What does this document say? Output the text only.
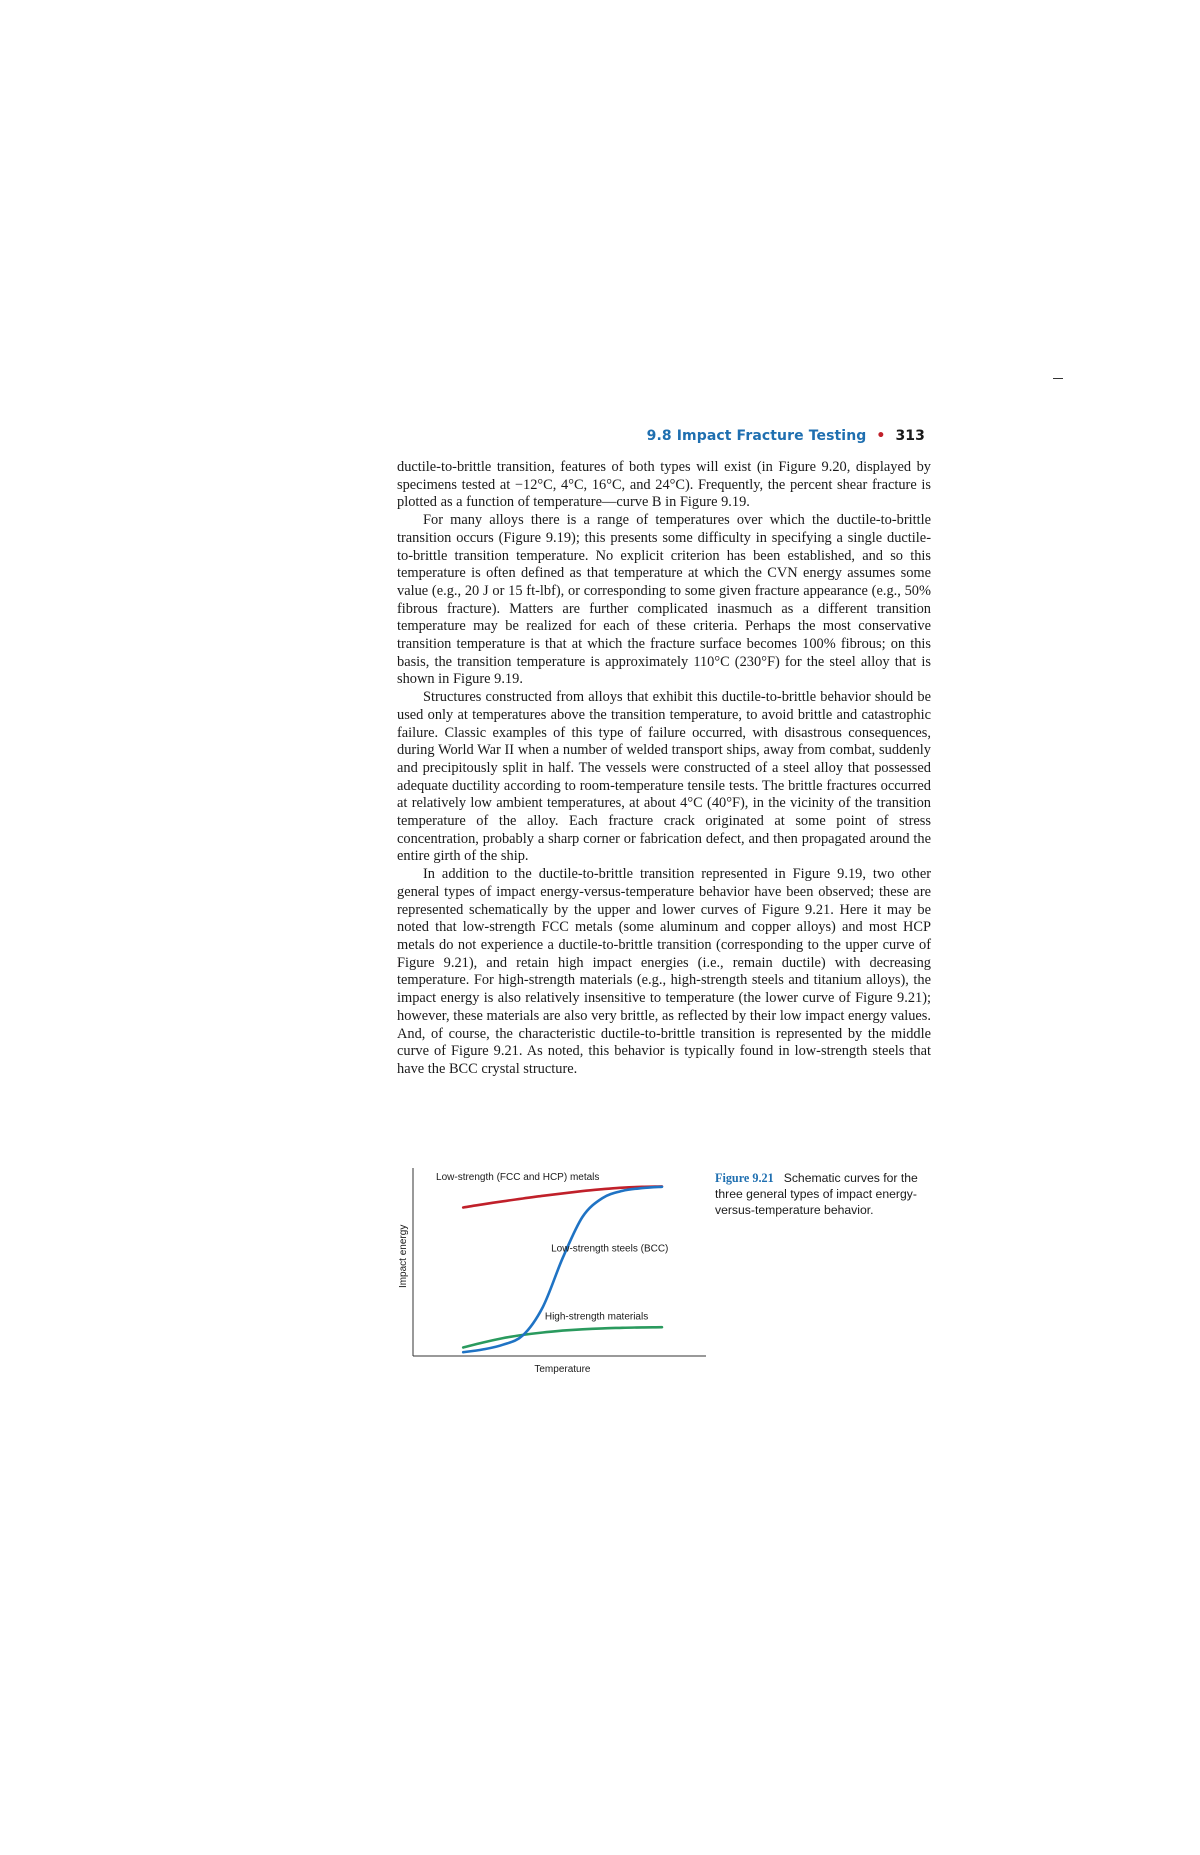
9.8 Impact Fracture Testing • 313

ductile-to-brittle transition, features of both types will exist (in Figure 9.20, displayed by specimens tested at −12°C, 4°C, 16°C, and 24°C). Frequently, the percent shear fracture is plotted as a function of temperature—curve B in Figure 9.19.

For many alloys there is a range of temperatures over which the ductile-to-brittle transition occurs (Figure 9.19); this presents some difficulty in specifying a single ductile-to-brittle transition temperature. No explicit criterion has been established, and so this temperature is often defined as that temperature at which the CVN energy assumes some value (e.g., 20 J or 15 ft-lbf), or corresponding to some given fracture appearance (e.g., 50% fibrous fracture). Matters are further complicated inasmuch as a different transition temperature may be realized for each of these criteria. Perhaps the most conservative transition temperature is that at which the fracture surface becomes 100% fibrous; on this basis, the transition temperature is approximately 110°C (230°F) for the steel alloy that is shown in Figure 9.19.

Structures constructed from alloys that exhibit this ductile-to-brittle behavior should be used only at temperatures above the transition temperature, to avoid brittle and catastrophic failure. Classic examples of this type of failure occurred, with disastrous consequences, during World War II when a number of welded transport ships, away from combat, suddenly and precipitously split in half. The vessels were constructed of a steel alloy that possessed adequate ductility according to room-temperature tensile tests. The brittle fractures occurred at relatively low ambient temperatures, at about 4°C (40°F), in the vicinity of the transition temperature of the alloy. Each fracture crack originated at some point of stress concentration, probably a sharp corner or fabrication defect, and then propagated around the entire girth of the ship.

In addition to the ductile-to-brittle transition represented in Figure 9.19, two other general types of impact energy-versus-temperature behavior have been observed; these are represented schematically by the upper and lower curves of Figure 9.21. Here it may be noted that low-strength FCC metals (some aluminum and copper alloys) and most HCP metals do not experience a ductile-to-brittle transition (corresponding to the upper curve of Figure 9.21), and retain high impact energies (i.e., remain ductile) with decreasing temperature. For high-strength materials (e.g., high-strength steels and titanium alloys), the impact energy is also relatively insensitive to temperature (the lower curve of Figure 9.21); however, these materials are also very brittle, as reflected by their low impact energy values. And, of course, the characteristic ductile-to-brittle transition is represented by the middle curve of Figure 9.21. As noted, this behavior is typically found in low-strength steels that have the BCC crystal structure.

Temperature
Impact energy
Low-strength (FCC and HCP) metals
Low-strength steels (BCC)
High-strength materials
Figure 9.21 Schematic curves for the three general types of impact energy-versus-temperature behavior.
